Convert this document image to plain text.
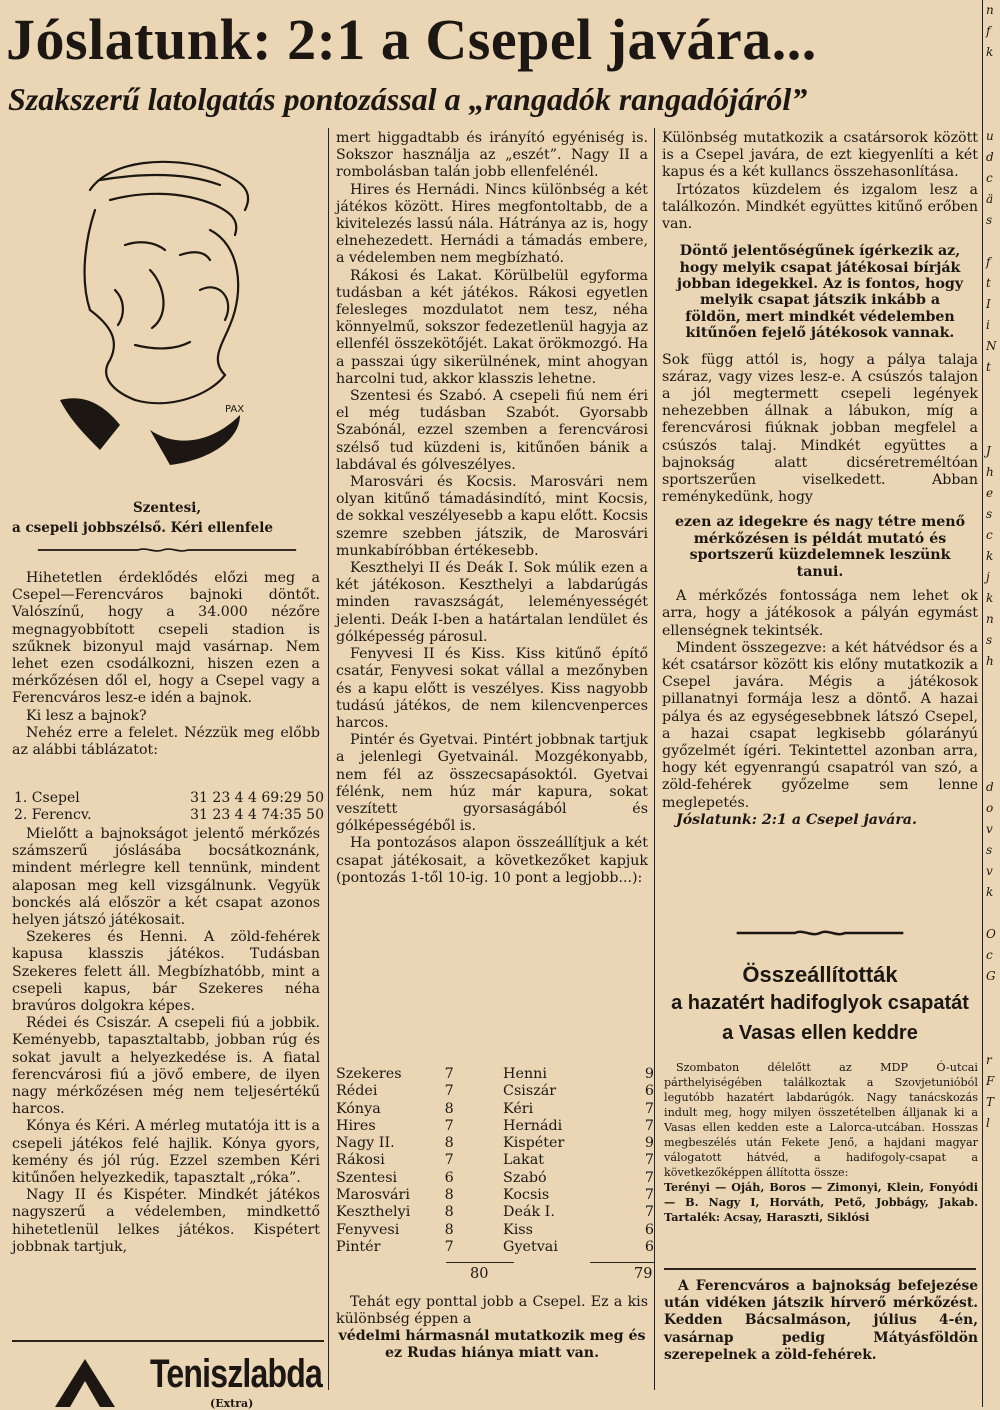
Jóslatunk: 2:1 a Csepel javára...
Szakszerű latolgatás pontozással a „rangadók rangadójáról”
PAX
Szentesi,
a csepeli jobbszélső. Kéri ellenfele

Hihetetlen érdeklődés előzi meg a Csepel—Ferencváros bajnoki döntőt. Valószínű, hogy a 34.000 nézőre megnagyobbított csepeli stadion is szűknek bizonyul majd vasárnap. Nem lehet ezen csodálkozni, hiszen ezen a mérkőzésen dől el, hogy a Csepel vagy a Ferencváros lesz-e idén a bajnok.

Ki lesz a bajnok?

Nehéz erre a felelet. Nézzük meg előbb az alábbi táblázatot:

1. Csepel	31 23 4 4 69:29 50
2. Ferencv.	31 23 4 4 74:35 50

Mielőtt a bajnokságot jelentő mérkőzés számszerű jóslásába bocsátkoznánk, mindent mérlegre kell tennünk, mindent alaposan meg kell vizsgálnunk. Vegyük bonckés alá először a két csapat azonos helyen játszó játékosait.

Szekeres és Henni. A zöld-fehérek kapusa klasszis játékos. Tudásban Szekeres felett áll. Megbízhatóbb, mint a csepeli kapus, bár Szekeres néha bravúros dolgokra képes.

Rédei és Csiszár. A csepeli fiú a jobbik. Keményebb, tapasztaltabb, jobban rúg és sokat javult a helyezkedése is. A fiatal ferencvárosi fiú a jövő embere, de ilyen nagy mérkőzésen még nem teljesértékű harcos.

Kónya és Kéri. A mérleg mutatója itt is a csepeli játékos felé hajlik. Kónya gyors, kemény és jól rúg. Ezzel szemben Kéri kitűnően helyezkedik, tapasztalt „róka”.

Nagy II és Kispéter. Mindkét játékos nagyszerű a védelemben, mindkettő hihetetlenül lelkes játékos. Kispétert jobbnak tartjuk,

Teniszlabda
(Extra)

mert higgadtabb és irányító egyéniség is. Sokszor használja az „eszét”. Nagy II a rombolásban talán jobb ellenfelénél.

Hires és Hernádi. Nincs különbség a két játékos között. Hires megfontoltabb, de a kivitelezés lassú nála. Hátránya az is, hogy elnehezedett. Hernádi a támadás embere, a védelemben nem megbízható.

Rákosi és Lakat. Körülbelül egyforma tudásban a két játékos. Rákosi egyetlen felesleges mozdulatot nem tesz, néha könnyelmű, sokszor fedezetlenül hagyja az ellenfél összekötőjét. Lakat örökmozgó. Ha a passzai úgy sikerülnének, mint ahogyan harcolni tud, akkor klasszis lehetne.

Szentesi és Szabó. A csepeli fiú nem éri el még tudásban Szabót. Gyorsabb Szabónál, ezzel szemben a ferencvárosi szélső tud küzdeni is, kitűnően bánik a labdával és gólveszélyes.

Marosvári és Kocsis. Marosvári nem olyan kitűnő támadásindító, mint Kocsis, de sokkal veszélyesebb a kapu előtt. Kocsis szemre szebben játszik, de Marosvári munkabíróbban értékesebb.

Keszthelyi II és Deák I. Sok múlik ezen a két játékoson. Keszthelyi a labdarúgás minden ravaszságát, leleményességét jelenti. Deák I-ben a határtalan lendület és gólképesség párosul.

Fenyvesi II és Kiss. Kiss kitűnő építő csatár, Fenyvesi sokat vállal a mezőnyben és a kapu előtt is veszélyes. Kiss nagyobb tudású játékos, de nem kilencvenperces harcos.

Pintér és Gyetvai. Pintért jobbnak tartjuk a jelenlegi Gyetvainál. Mozgékonyabb, nem fél az összecsapásoktól. Gyetvai félénk, nem húz már kapura, sokat veszített gyorsaságából és gólképességéből is.

Ha pontozásos alapon összeállítjuk a két csapat játékosait, a következőket kapjuk (pontozás 1-től 10-ig. 10 pont a legjobb...):

Szekeres	7	Henni	9
Rédei	7	Csiszár	6
Kónya	8	Kéri	7
Hires	7	Hernádi	7
Nagy II.	8	Kispéter	9
Rákosi	7	Lakat	7
Szentesi	6	Szabó	7
Marosvári	8	Kocsis	7
Keszthelyi	8	Deák I.	7
Fenyvesi	8	Kiss	6
Pintér	7	Gyetvai	6
80	79

Tehát egy ponttal jobb a Csepel. Ez a kis különbség éppen a

védelmi hármasnál mutatkozik meg és ez Rudas hiánya miatt van.

Különbség mutatkozik a csatársorok között is a Csepel javára, de ezt kiegyenlíti a két kapus és a két kullancs összehasonlítása.

Irtózatos küzdelem és izgalom lesz a találkozón. Mindkét együttes kitűnő erőben van.

Döntő jelentőségűnek ígérkezik az, hogy melyik csapat játékosai bírják jobban idegekkel. Az is fontos, hogy melyik csapat játszik inkább a földön, mert mindkét védelemben kitűnően fejelő játékosok vannak.

Sok függ attól is, hogy a pálya talaja száraz, vagy vizes lesz-e. A csúszós talajon a jól megtermett csepeli legények nehezebben állnak a lábukon, míg a ferencvárosi fiúknak jobban megfelel a csúszós talaj. Mindkét együttes a bajnokság alatt dicséretreméltóan sportszerűen viselkedett. Abban reménykedünk, hogy

ezen az idegekre és nagy tétre menő mérkőzésen is példát mutató és sportszerű küzdelemnek leszünk tanui.

A mérkőzés fontossága nem lehet ok arra, hogy a játékosok a pályán egymást ellenségnek tekintsék.

Mindent összegezve: a két hátvédsor és a két csatársor között kis előny mutatkozik a Csepel javára. Mégis a játékosok pillanatnyi formája lesz a döntő. A hazai pálya és az egységesebbnek látszó Csepel, a hazai csapat legkisebb gólarányú győzelmét ígéri. Tekintettel azonban arra, hogy két egyenrangú csapatról van szó, a zöld-fehérek győzelme sem lenne meglepetés.

Jóslatunk: 2:1 a Csepel javára.

Összeállították
a hazatért hadifoglyok csapatát
a Vasas ellen keddre

Szombaton délelőtt az MDP Ó-utcai párthelyiségében találkoztak a Szovjetunióból legutóbb hazatért labdarúgók. Nagy tanácskozás indult meg, hogy milyen összetételben álljanak ki a Vasas ellen kedden este a Lalorca-utcában. Hosszas megbeszélés után Fekete Jenő, a hajdani magyar válogatott hátvéd, a hadifogoly-csapat a következőképpen állította össze:

Terényi — Ojáh, Boros — Zimonyi, Klein, Fonyódi — B. Nagy I, Horváth, Pető, Jobbágy, Jakab. Tartalék: Acsay, Haraszti, Siklósi

A Ferencváros a bajnokság befejezése után vidéken játszik hírverő mérkőzést. Kedden Bácsalmáson, július 4-én, vasárnap pedig Mátyásföldön szerepelnek a zöld-fehérek.

n
f
k
u
d
c
ä
s
f
t
I
i
N
t
J
h
e
s
c
k
j
k
n
s
h
d
o
v
s
v
k
O
c
G
r
F
T
l
